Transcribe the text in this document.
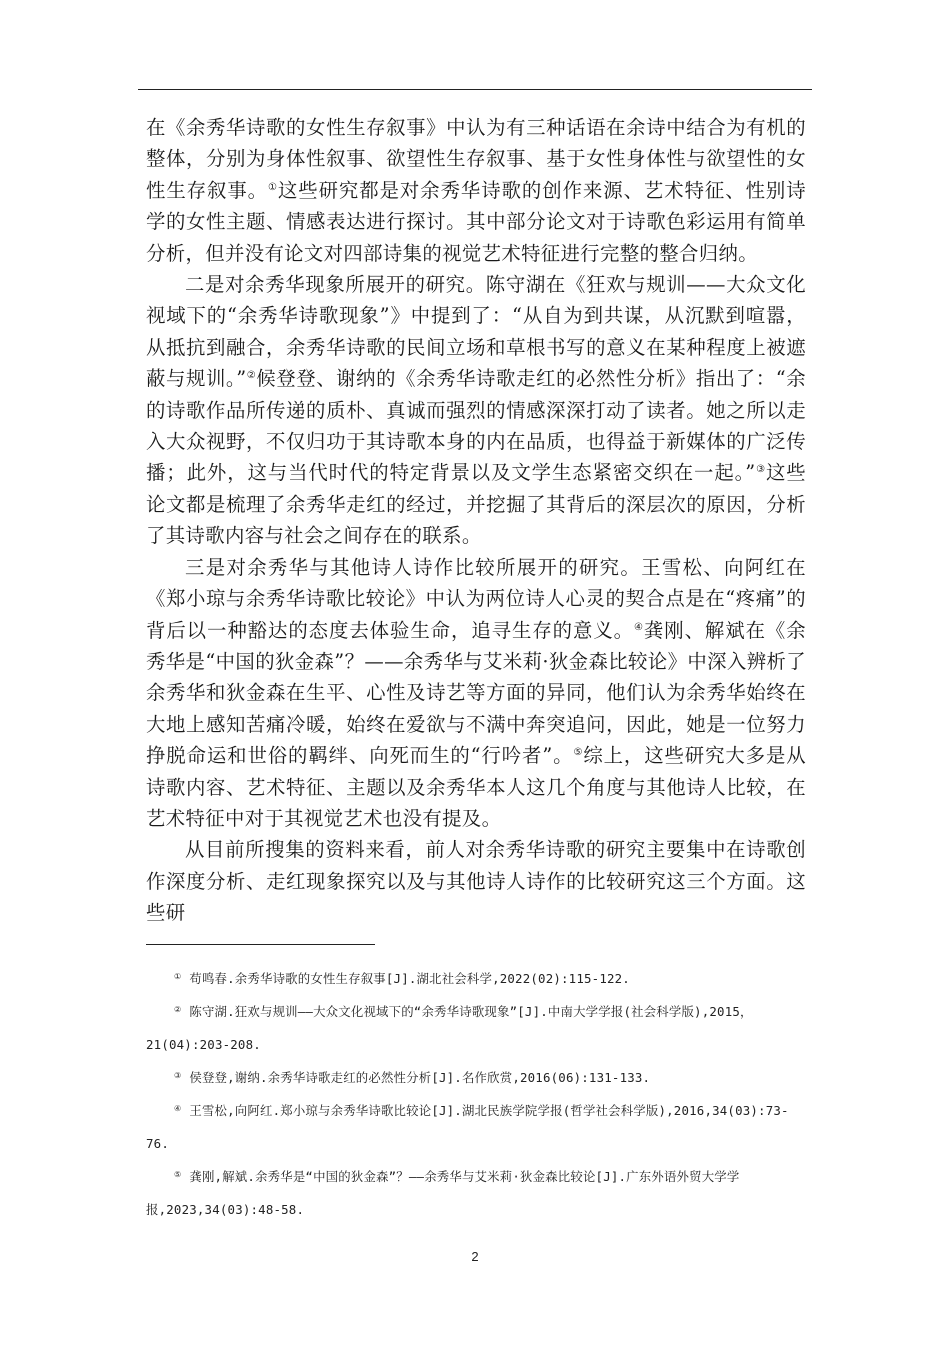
在《余秀华诗歌的女性生存叙事》中认为有三种话语在余诗中结合为有机的整体，分别为身体性叙事、欲望性生存叙事、基于女性身体性与欲望性的女性生存叙事。①这些研究都是对余秀华诗歌的创作来源、艺术特征、性别诗学的女性主题、情感表达进行探讨。其中部分论文对于诗歌色彩运用有简单分析，但并没有论文对四部诗集的视觉艺术特征进行完整的整合归纳。

二是对余秀华现象所展开的研究。陈守湖在《狂欢与规训——大众文化视域下的“余秀华诗歌现象”》中提到了：“从自为到共谋，从沉默到喧嚣，从抵抗到融合，余秀华诗歌的民间立场和草根书写的意义在某种程度上被遮蔽与规训。”②候登登、谢纳的《余秀华诗歌走红的必然性分析》指出了：“余的诗歌作品所传递的质朴、真诚而强烈的情感深深打动了读者。她之所以走入大众视野，不仅归功于其诗歌本身的内在品质，也得益于新媒体的广泛传播；此外，这与当代时代的特定背景以及文学生态紧密交织在一起。”③这些论文都是梳理了余秀华走红的经过，并挖掘了其背后的深层次的原因，分析了其诗歌内容与社会之间存在的联系。

三是对余秀华与其他诗人诗作比较所展开的研究。王雪松、向阿红在《郑小琼与余秀华诗歌比较论》中认为两位诗人心灵的契合点是在“疼痛”的背后以一种豁达的态度去体验生命，追寻生存的意义。④龚刚、解斌在《余秀华是“中国的狄金森”？——余秀华与艾米莉·狄金森比较论》中深入辨析了余秀华和狄金森在生平、心性及诗艺等方面的异同，他们认为余秀华始终在大地上感知苦痛冷暖，始终在爱欲与不满中奔突追问，因此，她是一位努力挣脱命运和世俗的羁绊、向死而生的“行吟者”。⑤综上，这些研究大多是从诗歌内容、艺术特征、主题以及余秀华本人这几个角度与其他诗人比较，在艺术特征中对于其视觉艺术也没有提及。

从目前所搜集的资料来看，前人对余秀华诗歌的研究主要集中在诗歌创作深度分析、走红现象探究以及与其他诗人诗作的比较研究这三个方面。这些研

① 苟鸣春.余秀华诗歌的女性生存叙事[J].湖北社会科学,2022(02):115-122.

② 陈守湖.狂欢与规训——大众文化视域下的“余秀华诗歌现象”[J].中南大学学报(社会科学版),2015，21(04):203-208.

③ 侯登登,谢纳.余秀华诗歌走红的必然性分析[J].名作欣赏,2016(06):131-133.

④ 王雪松,向阿红.郑小琼与余秀华诗歌比较论[J].湖北民族学院学报(哲学社会科学版),2016,34(03):73-76.

⑤ 龚刚,解斌.余秀华是“中国的狄金森”？——余秀华与艾米莉·狄金森比较论[J].广东外语外贸大学学报,2023,34(03):48-58.

2
